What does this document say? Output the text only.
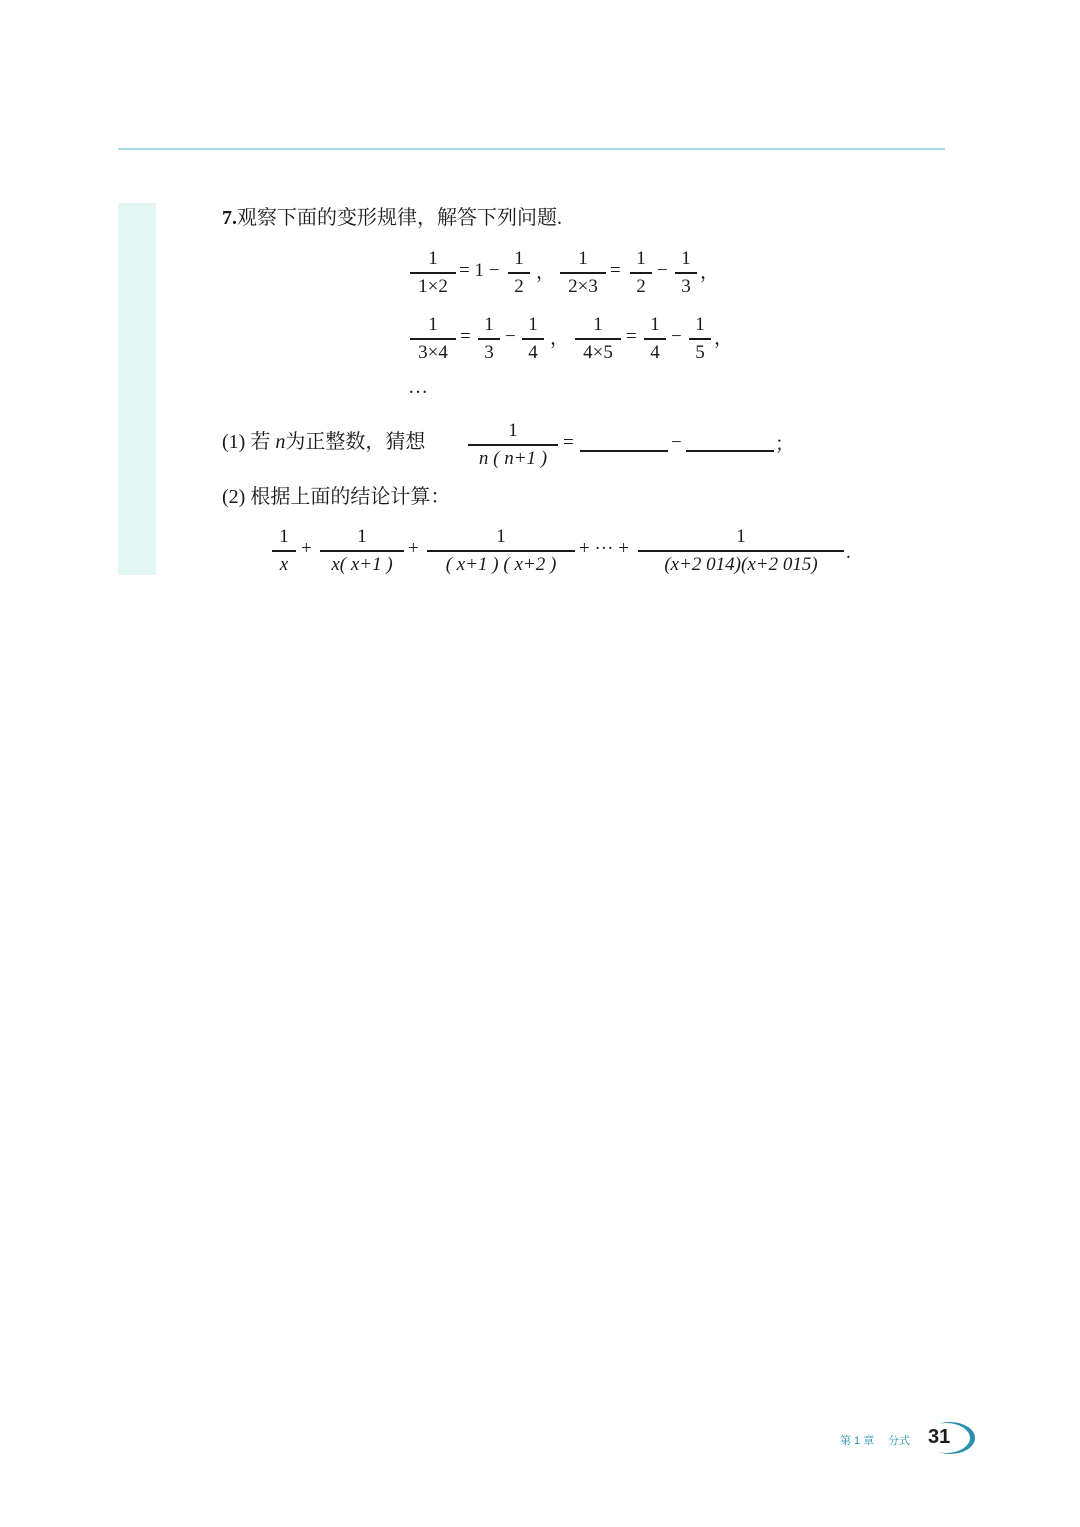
7.观察下面的变形规律，解答下列问题.
1
1×2
= 1 −
1
2
，
1
2×3
=
1
2
−
1
3
，
1
3×4
=
1
3
−
1
4
，
1
4×5
=
1
4
−
1
5
，
…
(1) 若 n为正整数，猜想
1
n ( n+1 )
=	−	；
(2) 根据上面的结论计算：
1
x
+
1
x( x+1 )
+
1
( x+1 ) ( x+2 )
+ ··· +
1
(x+2 014)(x+2 015)
.
第 1 章 分式 31
